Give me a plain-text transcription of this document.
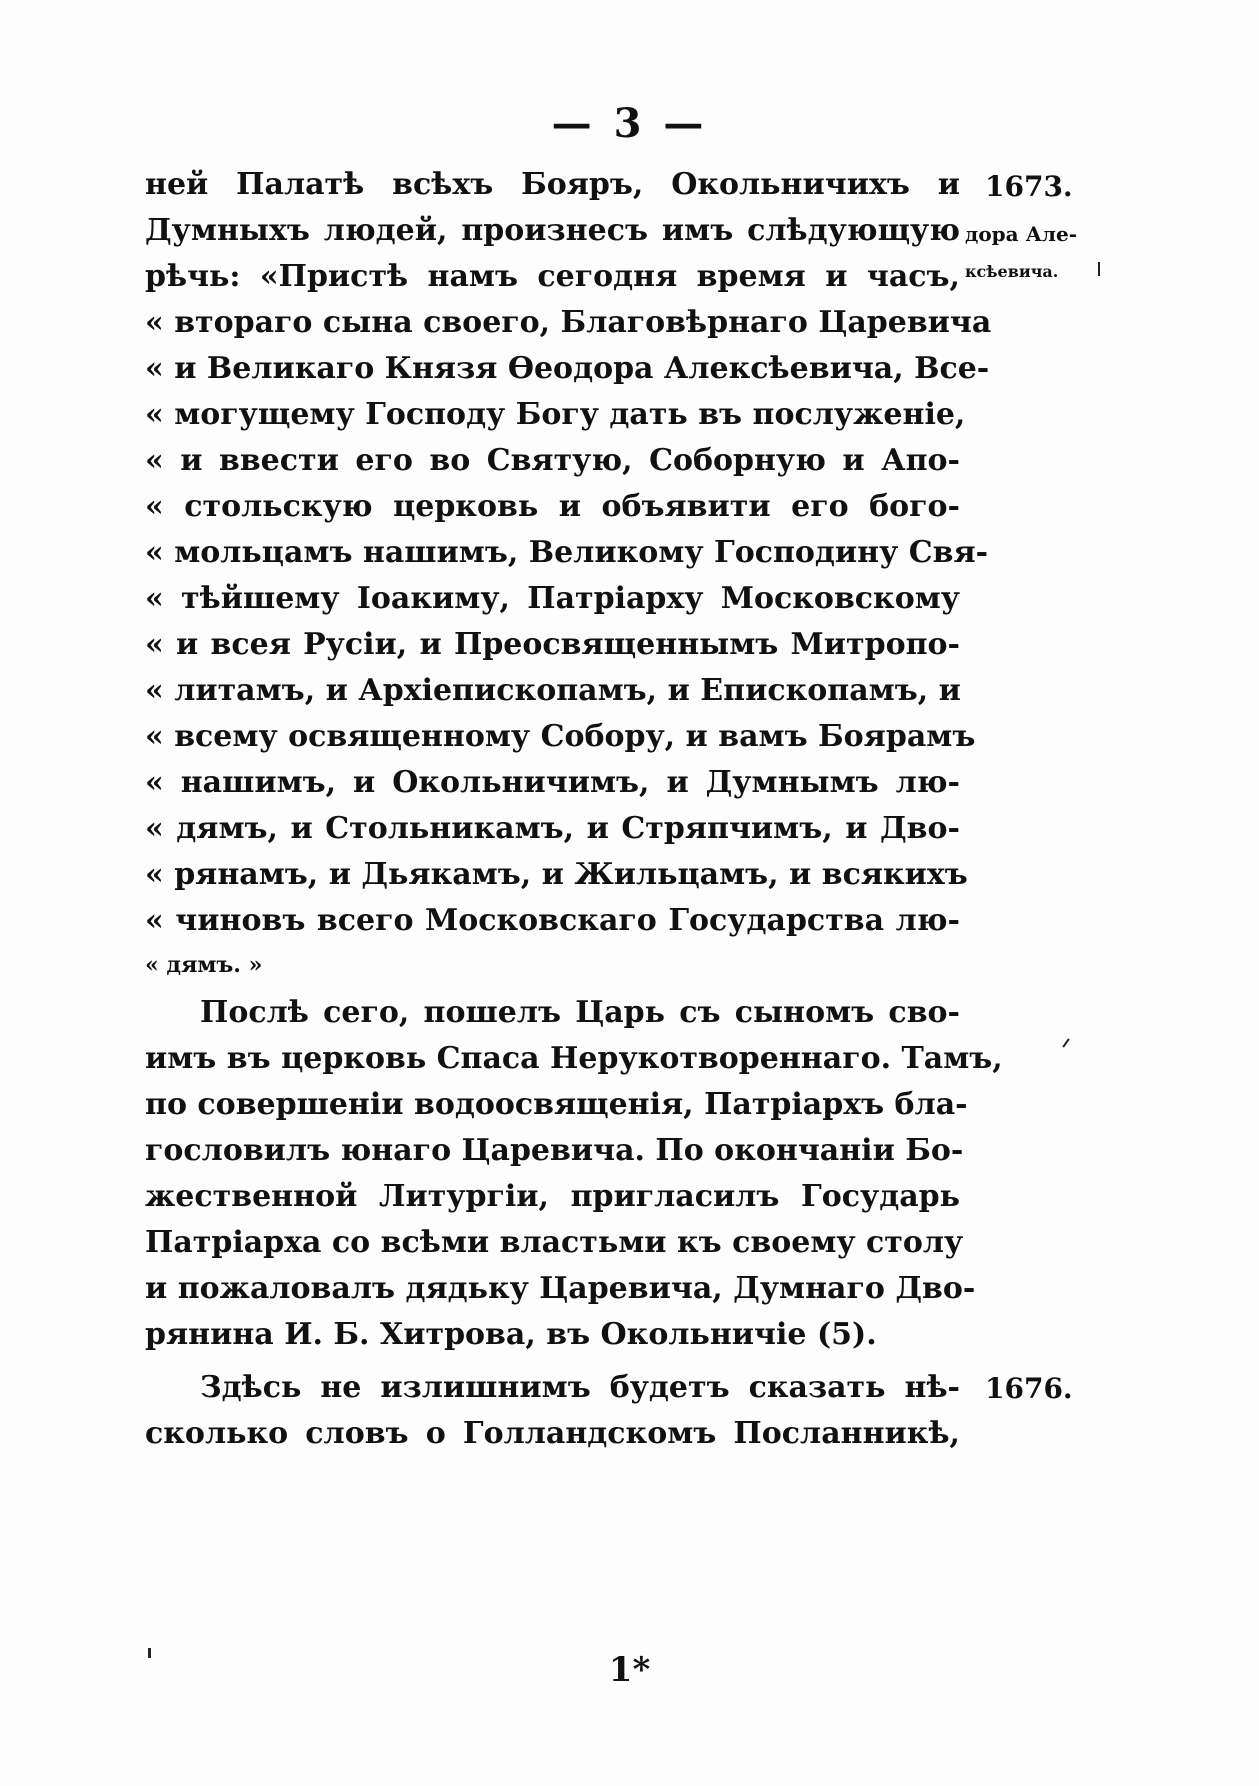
— 3 —
ней Палатѣ всѣхъ Бояръ, Окольничихъ и
Думныхъ людей, произнесъ имъ слѣдующую
рѣчь: «Пристѣ намъ сегодня время и часъ,
« втораго сына своего, Благовѣрнаго Царевича
« и Великаго Князя Өеодора Алексѣевича, Все-
« могущему Господу Богу дать въ послуженіе,
« и ввести его во Святую, Соборную и Апо-
« стольскую церковь и объявити его бого-
« мольцамъ нашимъ, Великому Господину Свя-
« тѣйшему Іоакиму, Патріарху Московскому
« и всея Русіи, и Преосвященнымъ Митропо-
« литамъ, и Архіепископамъ, и Епископамъ, и
« всему освященному Собору, и вамъ Боярамъ
« нашимъ, и Окольничимъ, и Думнымъ лю-
« дямъ, и Стольникамъ, и Стряпчимъ, и Дво-
« рянамъ, и Дьякамъ, и Жильцамъ, и всякихъ
« чиновъ всего Московскаго Государства лю-
« дямъ. »
Послѣ сего, пошелъ Царь съ сыномъ сво-
имъ въ церковь Спаса Нерукотвореннаго. Тамъ,
по совершеніи водоосвященія, Патріархъ бла-
гословилъ юнаго Царевича. По окончаніи Бо-
жественной Литургіи, пригласилъ Государь
Патріарха со всѣми властьми къ своему столу
и пожаловалъ дядьку Царевича, Думнаго Дво-
рянина И. Б. Хитрова, въ Окольничіе (5).
Здѣсь не излишнимъ будетъ сказать нѣ-
сколько словъ о Голландскомъ Посланникѣ,
1673.
дора Але-
ксѣевича.
1676.
1*
